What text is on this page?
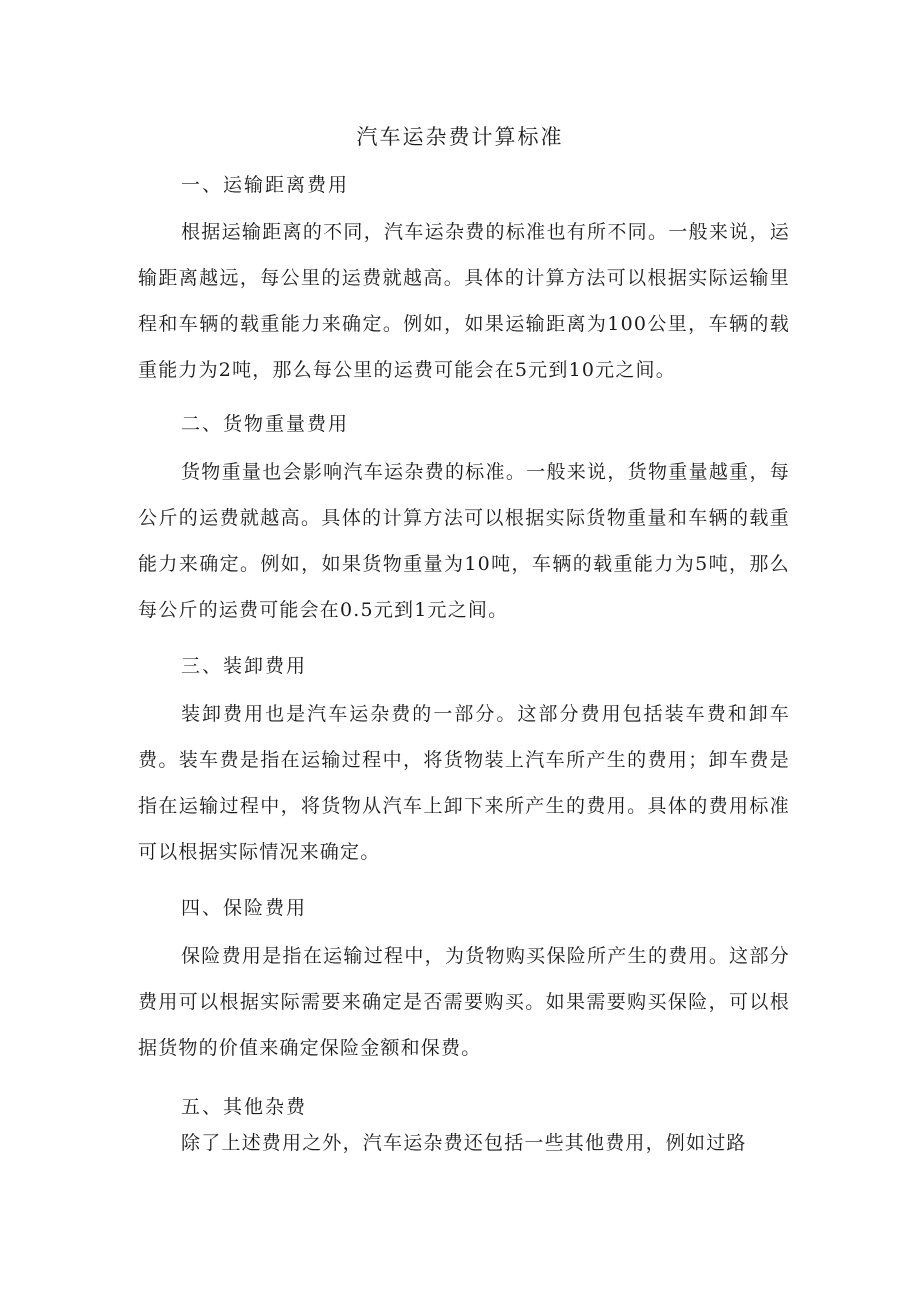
汽车运杂费计算标准
一、运输距离费用

根据运输距离的不同，汽车运杂费的标准也有所不同。一般来说，运输距离越远，每公里的运费就越高。具体的计算方法可以根据实际运输里程和车辆的载重能力来确定。例如，如果运输距离为100公里，车辆的载重能力为2吨，那么每公里的运费可能会在5元到10元之间。

二、货物重量费用

货物重量也会影响汽车运杂费的标准。一般来说，货物重量越重，每公斤的运费就越高。具体的计算方法可以根据实际货物重量和车辆的载重能力来确定。例如，如果货物重量为10吨，车辆的载重能力为5吨，那么每公斤的运费可能会在0.5元到1元之间。

三、装卸费用

装卸费用也是汽车运杂费的一部分。这部分费用包括装车费和卸车费。装车费是指在运输过程中，将货物装上汽车所产生的费用；卸车费是指在运输过程中，将货物从汽车上卸下来所产生的费用。具体的费用标准可以根据实际情况来确定。

四、保险费用

保险费用是指在运输过程中，为货物购买保险所产生的费用。这部分费用可以根据实际需要来确定是否需要购买。如果需要购买保险，可以根据货物的价值来确定保险金额和保费。

五、其他杂费

除了上述费用之外，汽车运杂费还包括一些其他费用，例如过路
